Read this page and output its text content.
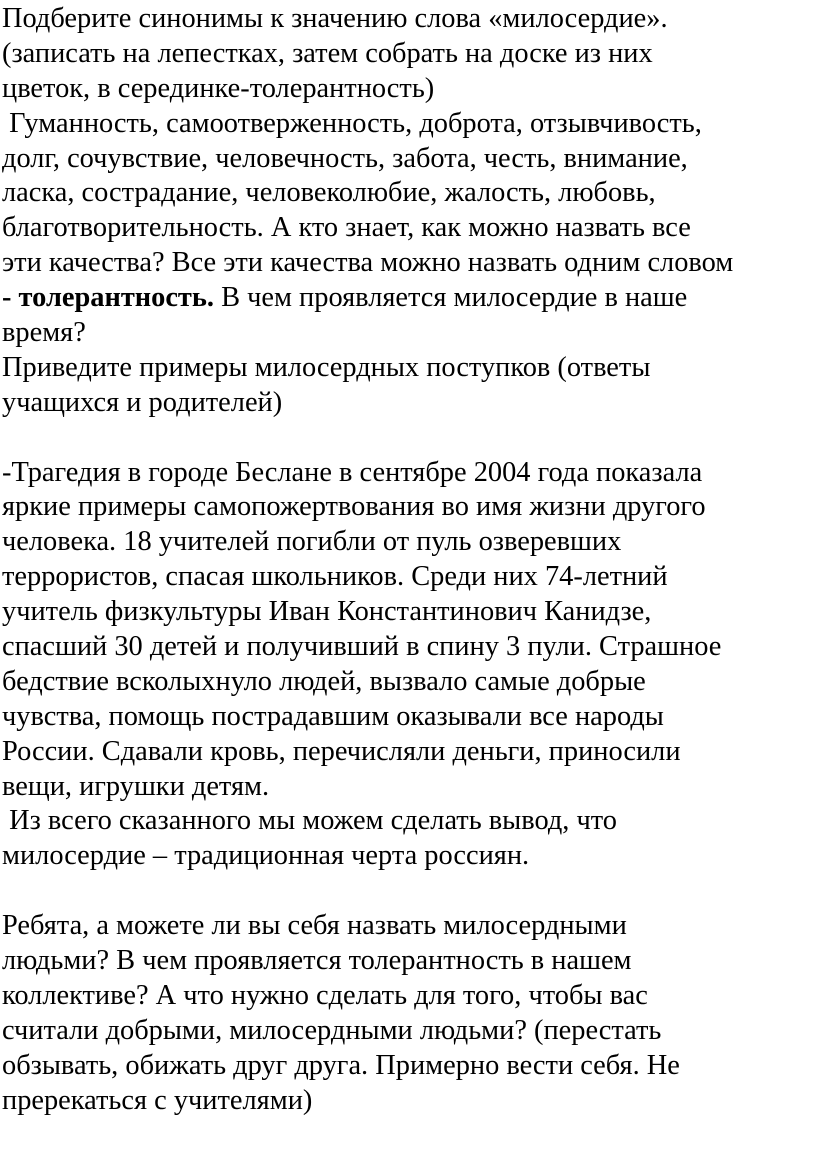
Подберите синонимы к значению слова «милосердие».
(записать на лепестках, затем собрать на доске из них
цветок, в серединке-толерантность)
Гуманность, самоотверженность, доброта, отзывчивость,
долг, сочувствие, человечность, забота, честь, внимание,
ласка, сострадание, человеколюбие, жалость, любовь,
благотворительность. А кто знает, как можно назвать все
эти качества? Все эти качества можно назвать одним словом
- толерантность. В чем проявляется милосердие в наше
время?
Приведите примеры милосердных поступков (ответы
учащихся и родителей)
-Трагедия в городе Беслане в сентябре 2004 года показала
яркие примеры самопожертвования во имя жизни другого
человека. 18 учителей погибли от пуль озверевших
террористов, спасая школьников. Среди них 74-летний
учитель физкультуры Иван Константинович Канидзе,
спасший 30 детей и получивший в спину 3 пули. Страшное
бедствие всколыхнуло людей, вызвало самые добрые
чувства, помощь пострадавшим оказывали все народы
России. Сдавали кровь, перечисляли деньги, приносили
вещи, игрушки детям.
Из всего сказанного мы можем сделать вывод, что
милосердие – традиционная черта россиян.
Ребята, а можете ли вы себя назвать милосердными
людьми? В чем проявляется толерантность в нашем
коллективе? А что нужно сделать для того, чтобы вас
считали добрыми, милосердными людьми? (перестать
обзывать, обижать друг друга. Примерно вести себя. Не
пререкаться с учителями)
